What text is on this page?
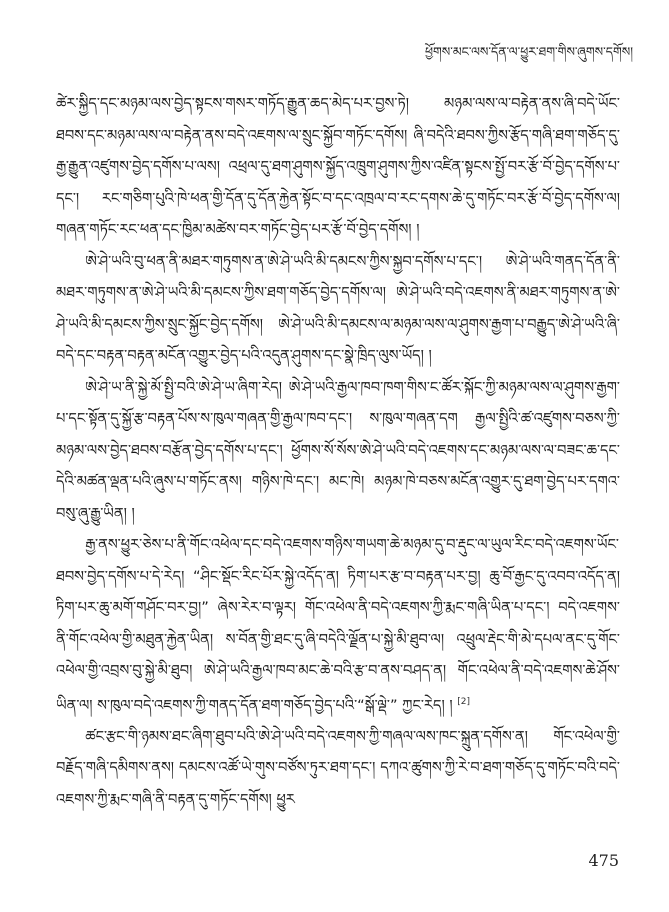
ཕྱོགས་མང་ལས་དོན་ལ་ཕྱུར་ཐག་གིས་ཞུགས་དགོས།

ཚེར་སྐྱིད་དང་མཉམ་ལས་བྱེད་སྟངས་གསར་གཏོད་རྒྱུན་ཆད་མེད་པར་བྱས་ཏེ། མཉམ་ལས་ལ་བརྟེན་ནས་ཞི་བདེ་ཡོང་ཐབས་དང་མཉམ་ལས་ལ་བརྟེན་ནས་བདེ་འཇགས་ལ་སྲུང་སྐྱོབ་གཏོང་དགོས། ཞི་བདེའི་ཐབས་ཀྱིས་རྩོད་གཞི་ཐག་གཅོད་དུ་རྒྱ་རྒྱུན་འཛུགས་བྱེད་དགོས་པ་ལས། འཕྲལ་དུ་ཐག་ཤུགས་སྐྱོད་འཁྲུག་ཤུགས་ཀྱིས་འཛིན་སྟངས་སྤྱོ་བར་རྩོ་བོ་བྱེད་དགོས་པ་དང་། རང་གཅིག་པུའི་ཁེ་ཕན་གྱི་དོན་དུ་དོན་རྐྱེན་སྟོང་བ་དང་འཁྲལ་བ་རང་དགས་ཆེ་དུ་གཏོང་བར་རྩོ་བོ་བྱེད་དགོས་ལ། གཞན་གཏོང་རང་ཕན་དང་ཁྱིམ་མཚེས་བར་གཏོང་བྱེད་པར་རྩོ་བོ་བྱེད་དགོས། །

ཨེ་ཤེ་ཡའི་བུ་ཕན་ནི་མཐར་གཏུགས་ན་ཨེ་ཤེ་ཡའི་མི་དམངས་ཀྱིས་སྐྱབ་དགོས་པ་དང་། ཨེ་ཤེ་ཡའི་གནད་དོན་ནི་མཐར་གཏུགས་ན་ཨེ་ཤེ་ཡའི་མི་དམངས་ཀྱིས་ཐག་གཅོད་བྱེད་དགོས་ལ། ཨེ་ཤེ་ཡའི་བདེ་འཇགས་ནི་མཐར་གཏུགས་ན་ཨེ་ཤེ་ཡའི་མི་དམངས་ཀྱིས་སྲུང་སྐྱོང་བྱེད་དགོས། ཨེ་ཤེ་ཡའི་མི་དམངས་ལ་མཉམ་ལས་ལ་ཤུགས་རྒྱག་པ་བརྒྱུད་ཨེ་ཤེ་ཡའི་ཞི་བདེ་དང་བརྟན་བརྟན་མངོན་འགྱུར་བྱེད་པའི་འདུན་ཤུགས་དང་སྣེ་ཁྲིད་ལུས་ཡོད། །

ཨེ་ཤེ་ཡ་ནི་སྐྱེ་མོ་སྤྱི་བའི་ཨེ་ཤེ་ཡ་ཞིག་རེད། ཨེ་ཤེ་ཡའི་རྒྱལ་ཁབ་ཁག་གིས་ང་ཚོར་སྐོང་ཀྱི་མཉམ་ལས་ལ་ཤུགས་རྒྱག་པ་དང་སྟོན་དུ་སྐྱོ་རྩ་བརྟན་པོས་ས་ཁུལ་གཞན་གྱི་རྒྱལ་ཁབ་དང་། ས་ཁུལ་གཞན་དག རྒྱལ་སྤྱིའི་ཚ་འཛུགས་བཅས་ཀྱི་མཉམ་ལས་བྱེད་ཐབས་བརྩོན་བྱེད་དགོས་པ་དང་། ཕྱོགས་སོ་སོས་ཨེ་ཤེ་ཡའི་བདེ་འཇགས་དང་མཉམ་ལས་ལ་བཟང་ཆ་དང་དེའི་མཚན་ལྡན་པའི་ཞུས་པ་གཏོང་ནས། གཉིས་ཁེ་དང་། མང་ཁེ། མཉམ་ཁེ་བཅས་མངོན་འགྱུར་དུ་ཐག་བྱེད་པར་དགའ་བསུ་ཞུ་རྒྱུ་ཡིན། །

རྒྱ་ནས་ཕྱུར་ཅེས་པ་ནི་གོང་འཕེལ་དང་བདེ་འཇགས་གཉིས་གཡག་ཆེ་མཉམ་དུ་བ་རྡུང་ལ་ཡུལ་རིང་བདེ་འཇགས་ཡོང་ཐབས་བྱེད་དགོས་པ་དེ་རེད། “ཤིང་སྡོང་རིང་པོར་སྐྱེ་འདོད་ན། ཏིག་པར་རྩ་བ་བརྟན་པར་བྱ། ཆུ་བོ་རྒྱང་དུ་འབབ་འདོད་ན། ཏིག་པར་ཆུ་མགོ་གཤོང་བར་བྱ།” ཞེས་རེར་བ་ལྟར། གོང་འཕེལ་ནི་བདེ་འཇགས་ཀྱི་རྨང་གཞི་ཡིན་པ་དང་། བདེ་འཇགས་ནི་གོང་འཕེལ་གྱི་མཐུན་རྐྱེན་ཡིན། ས་བོན་གྱི་ཐང་དུ་ཞི་བདེའི་ལྗོན་པ་སྐྱེ་མི་ཐུབ་ལ། འཕྲུལ་རྡེང་གི་མེ་དཔལ་ནང་དུ་གོང་འཕེལ་གྱི་འབྲས་བུ་སྐྱེ་མི་ཐུབ། ཨེ་ཤེ་ཡའི་རྒྱལ་ཁབ་མང་ཆེ་བའི་རྩ་བ་ནས་བཤད་ན། གོང་འཕེལ་ནི་བདེ་འཇགས་ཆེ་ཤོས་ཡིན་ལ། ས་ཁུལ་བདེ་འཇགས་ཀྱི་གནད་དོན་ཐག་གཅོད་བྱེད་པའི་“སྒོ་ལྡེ་” ཀྱང་རེད། ། [2]

ཚང་རྩང་གི་ཉམས་ཐང་ཞིག་ཐུབ་པའི་ཨེ་ཤེ་ཡའི་བདེ་འཇགས་ཀྱི་གཞལ་ལས་ཁང་སྐྲུན་དགོས་ན། གོང་འཕེལ་གྱི་བརྗོད་གཞི་དམིགས་ནས། དམངས་འཚོ་ཡེ་གུས་བཙོས་ཏུར་ཐག་དང་། དཀའ་ཚུགས་ཀྱི་རེ་བ་ཐག་གཅོད་དུ་གཏོང་བའི་བདེ་འཇགས་ཀྱི་རྨང་གཞི་ནི་བརྟན་དུ་གཏོང་དགོས། ཕྱུར

475
